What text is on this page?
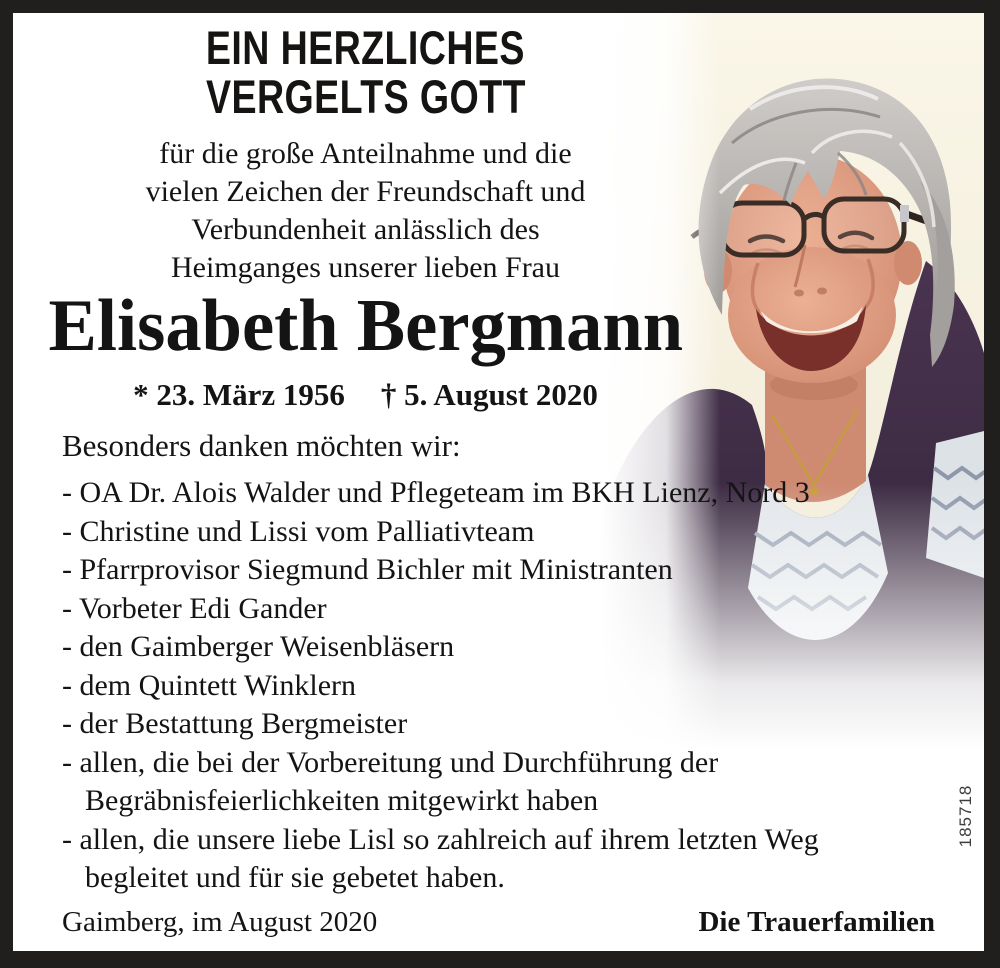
EIN HERZLICHES
VERGELTS GOTT
für die große Anteilnahme und die
vielen Zeichen der Freundschaft und
Verbundenheit anlässlich des
Heimganges unserer lieben Frau
Elisabeth Bergmann
* 23. März 1956 † 5. August 2020
Besonders danken möchten wir:
- OA Dr. Alois Walder und Pflegeteam im BKH Lienz, Nord 3
- Christine und Lissi vom Palliativteam
- Pfarrprovisor Siegmund Bichler mit Ministranten
- Vorbeter Edi Gander
- den Gaimberger Weisenbläsern
- dem Quintett Winklern
- der Bestattung Bergmeister
- allen, die bei der Vorbereitung und Durchführung der
Begräbnisfeierlichkeiten mitgewirkt haben
- allen, die unsere liebe Lisl so zahlreich auf ihrem letzten Weg
begleitet und für sie gebetet haben.
Gaimberg, im August 2020	Die Trauerfamilien
185718
